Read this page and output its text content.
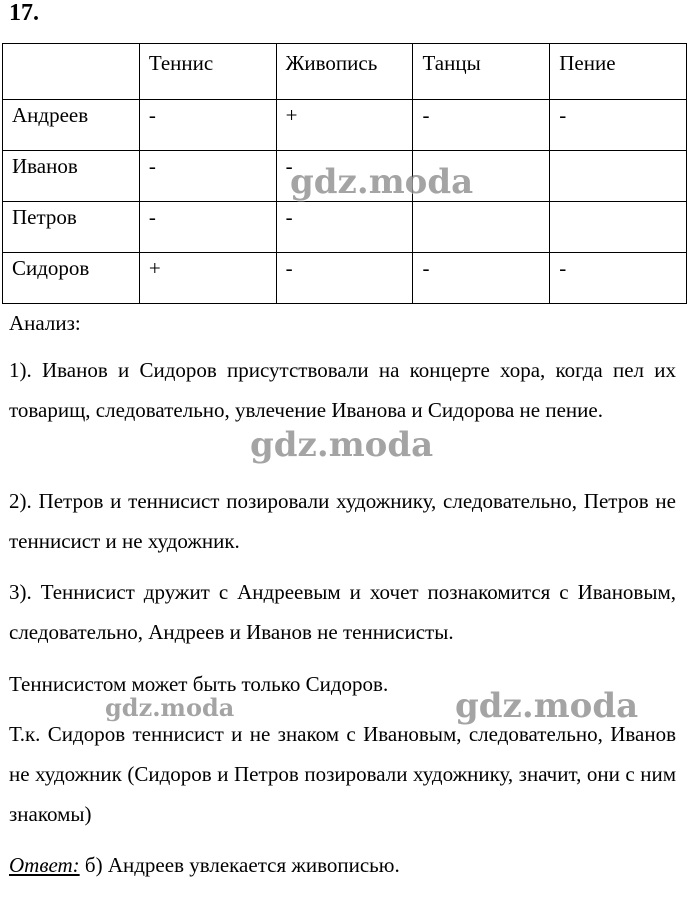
17.
	Теннис	Живопись	Танцы	Пение
Андреев	-	+	-	-
Иванов	-	-		
Петров	-	-		
Сидоров	+	-	-	-
Анализ:
1). Иванов и Сидоров присутствовали на концерте хора, когда пел их товарищ, следовательно, увлечение Иванова и Сидорова не пение.
2). Петров и теннисист позировали художнику, следовательно, Петров не теннисист и не художник.
3). Теннисист дружит с Андреевым и хочет познакомится с Ивановым, следовательно, Андреев и Иванов не теннисисты.
Теннисистом может быть только Сидоров.
Т.к. Сидоров теннисист и не знаком с Ивановым, следовательно, Иванов не художник (Сидоров и Петров позировали художнику, значит, они с ним знакомы)
Ответ: б) Андреев увлекается живописью.
gdz.moda
gdz.moda
gdz.moda	gdz.moda
